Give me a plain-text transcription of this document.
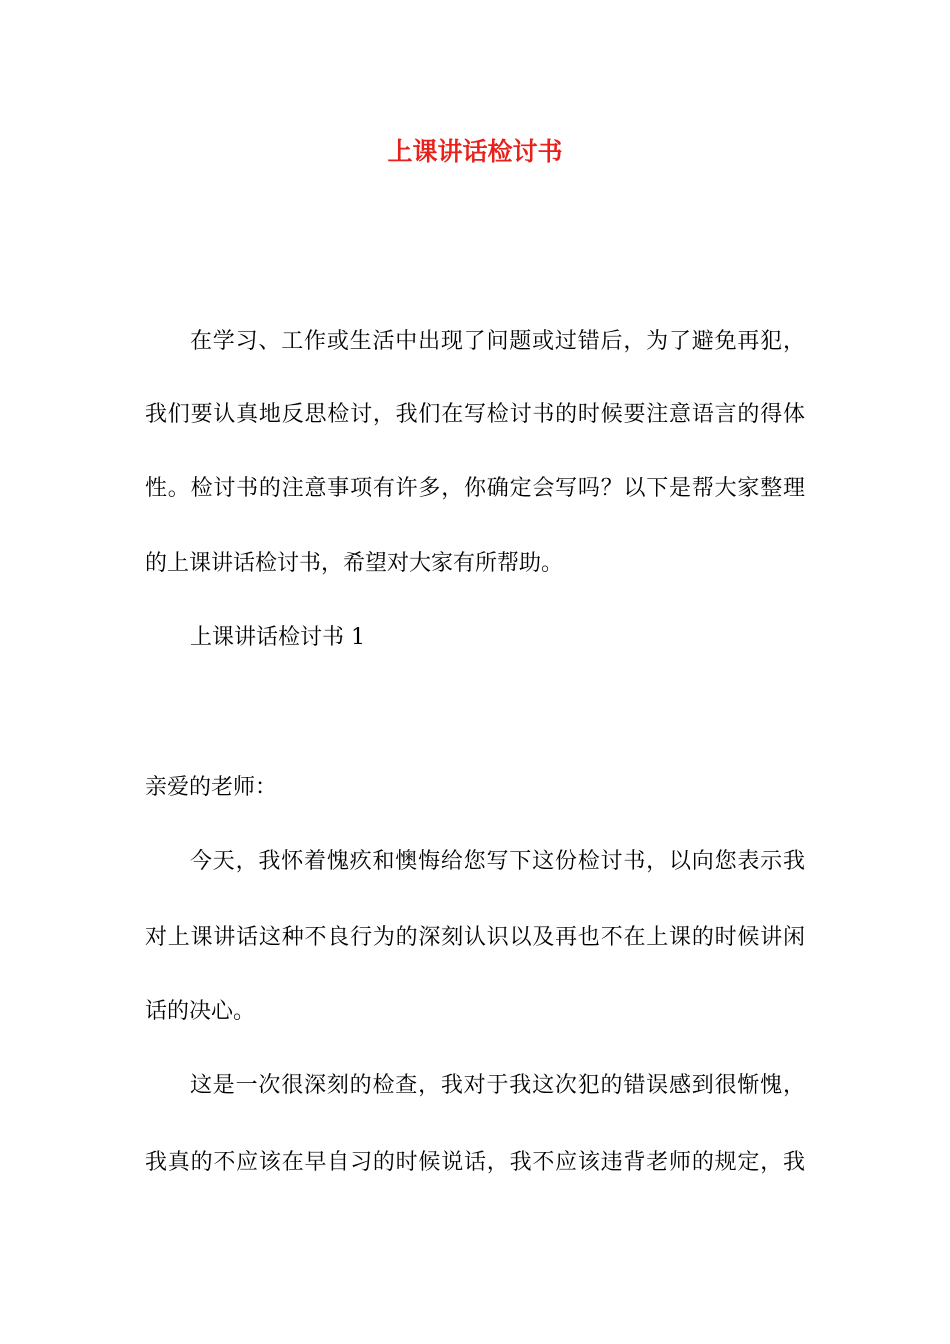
上课讲话检讨书

在学习、工作或生活中出现了问题或过错后，为了避免再犯，

我们要认真地反思检讨，我们在写检讨书的时候要注意语言的得体

性。检讨书的注意事项有许多，你确定会写吗？以下是帮大家整理

的上课讲话检讨书，希望对大家有所帮助。

上课讲话检讨书 1

亲爱的老师：

今天，我怀着愧疚和懊悔给您写下这份检讨书，以向您表示我

对上课讲话这种不良行为的深刻认识以及再也不在上课的时候讲闲

话的决心。

这是一次很深刻的检查，我对于我这次犯的错误感到很惭愧，

我真的不应该在早自习的时候说话，我不应该违背老师的规定，我
